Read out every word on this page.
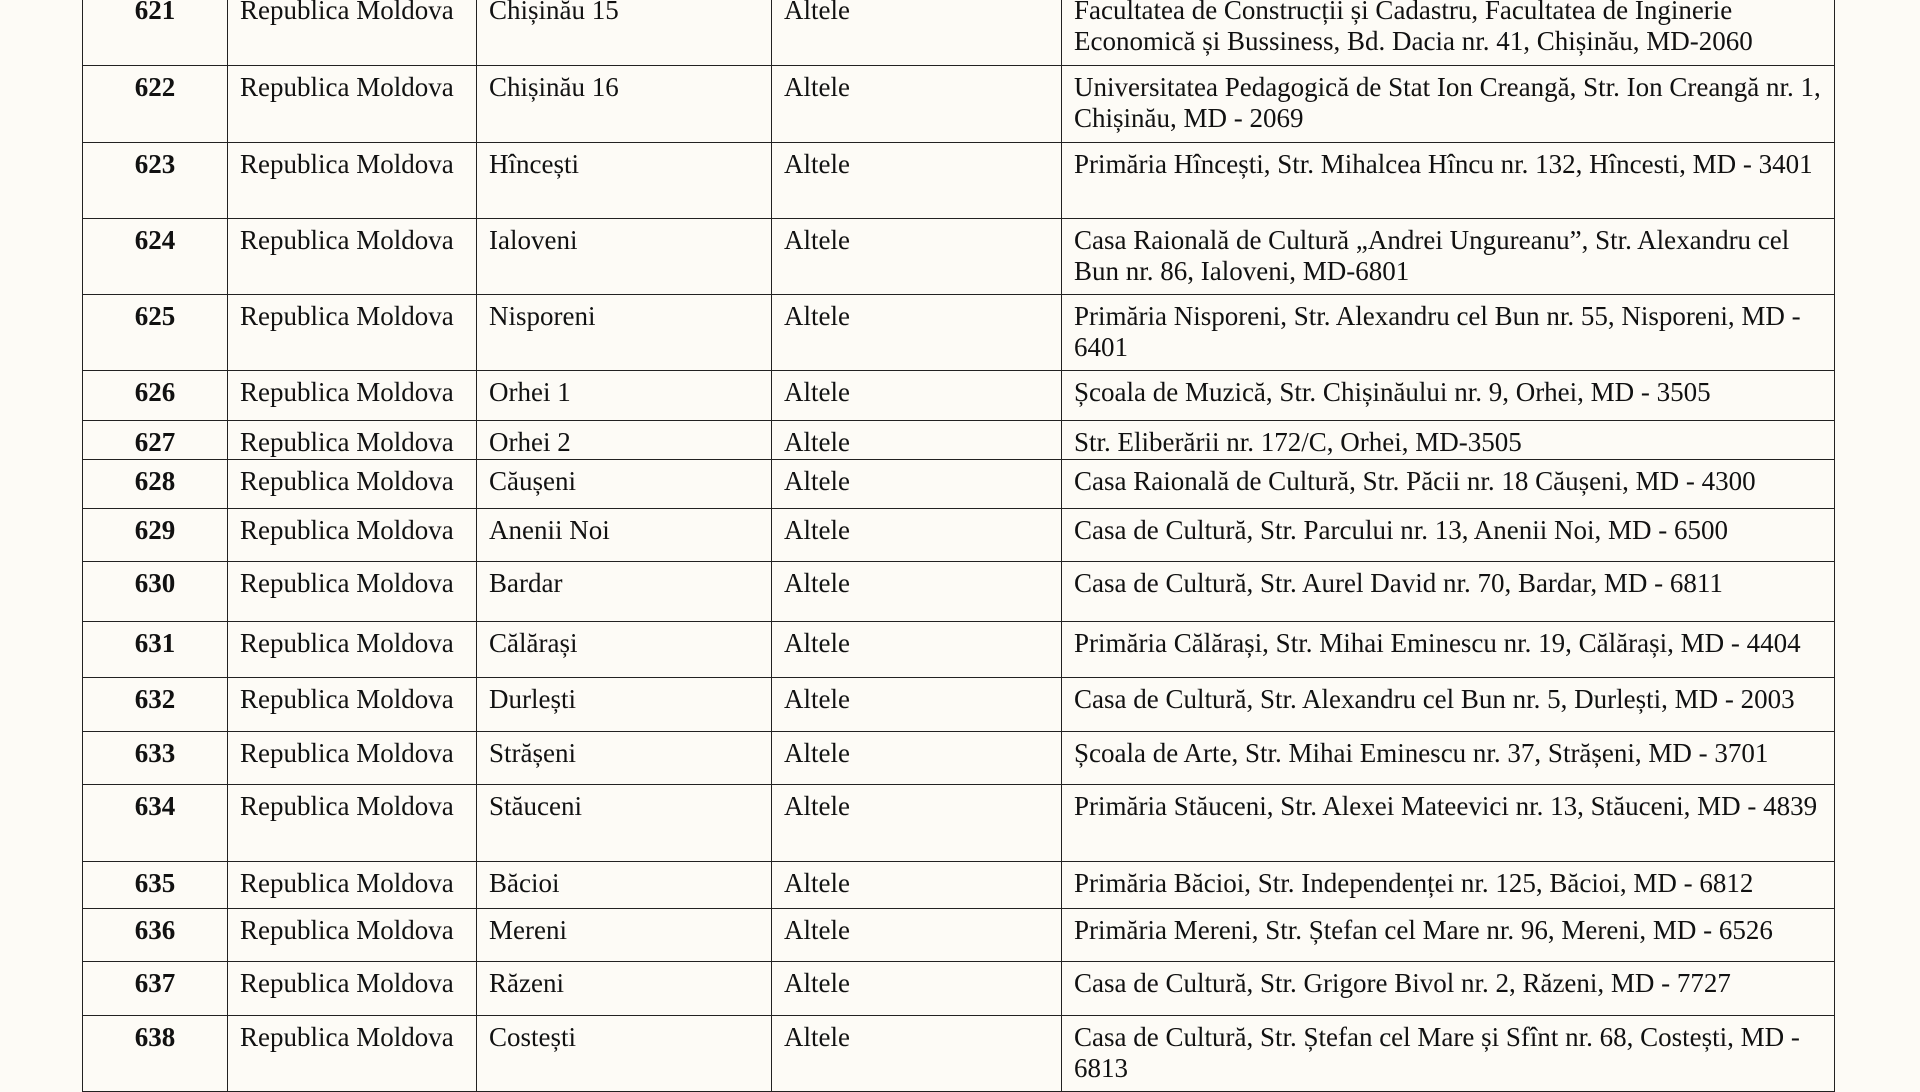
621	Republica Moldova	Chișinău 15	Altele	Facultatea de Construcții și Cadastru, Facultatea de Inginerie Economică și Bussiness, Bd. Dacia nr. 41, Chișinău, MD-2060
622	Republica Moldova	Chișinău 16	Altele	Universitatea Pedagogică de Stat Ion Creangă, Str. Ion Creangă nr. 1, Chișinău, MD - 2069
623	Republica Moldova	Hîncești	Altele	Primăria Hîncești, Str. Mihalcea Hîncu nr. 132, Hîncesti, MD - 3401
624	Republica Moldova	Ialoveni	Altele	Casa Raională de Cultură „Andrei Ungureanu”, Str. Alexandru cel Bun nr. 86, Ialoveni, MD-6801
625	Republica Moldova	Nisporeni	Altele	Primăria Nisporeni, Str. Alexandru cel Bun nr. 55, Nisporeni, MD - 6401
626	Republica Moldova	Orhei 1	Altele	Școala de Muzică, Str. Chișinăului nr. 9, Orhei, MD - 3505
627	Republica Moldova	Orhei 2	Altele	Str. Eliberării nr. 172/C, Orhei, MD-3505
628	Republica Moldova	Căușeni	Altele	Casa Raională de Cultură, Str. Păcii nr. 18 Căușeni, MD - 4300
629	Republica Moldova	Anenii Noi	Altele	Casa de Cultură, Str. Parcului nr. 13, Anenii Noi, MD - 6500
630	Republica Moldova	Bardar	Altele	Casa de Cultură, Str. Aurel David nr. 70, Bardar, MD - 6811
631	Republica Moldova	Călărași	Altele	Primăria Călărași, Str. Mihai Eminescu nr. 19, Călărași, MD - 4404
632	Republica Moldova	Durlești	Altele	Casa de Cultură, Str. Alexandru cel Bun nr. 5, Durlești, MD - 2003
633	Republica Moldova	Strășeni	Altele	Școala de Arte, Str. Mihai Eminescu nr. 37, Strășeni, MD - 3701
634	Republica Moldova	Stăuceni	Altele	Primăria Stăuceni, Str. Alexei Mateevici nr. 13, Stăuceni, MD - 4839
635	Republica Moldova	Băcioi	Altele	Primăria Băcioi, Str. Independenței nr. 125, Băcioi, MD - 6812
636	Republica Moldova	Mereni	Altele	Primăria Mereni, Str. Ștefan cel Mare nr. 96, Mereni, MD - 6526
637	Republica Moldova	Răzeni	Altele	Casa de Cultură, Str. Grigore Bivol nr. 2, Răzeni, MD - 7727
638	Republica Moldova	Costești	Altele	Casa de Cultură, Str. Ștefan cel Mare și Sfînt nr. 68, Costești, MD - 6813
